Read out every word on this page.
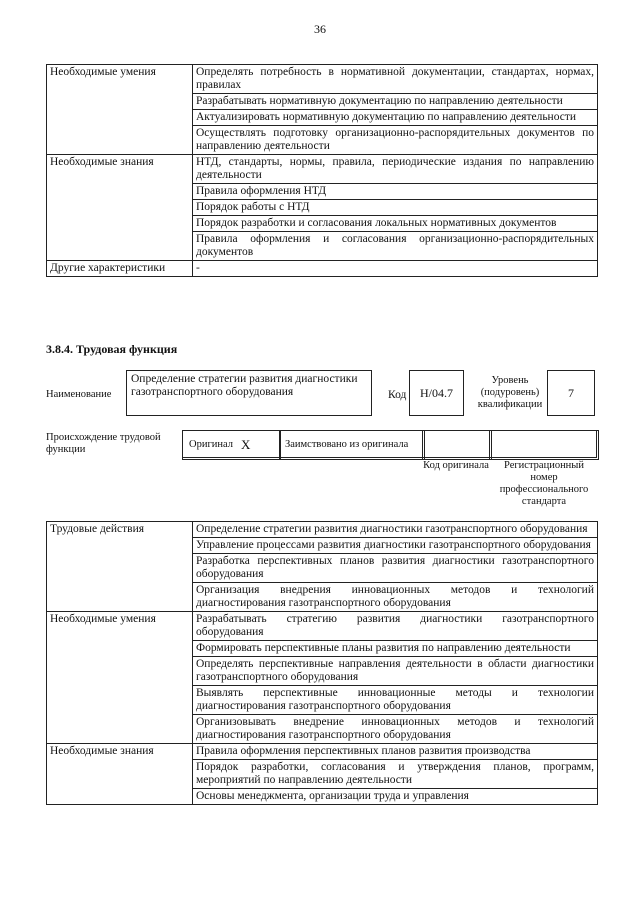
36
Необходимые умения	Определять потребность в нормативной документации, стандартах, нормах, правилах
	Разрабатывать нормативную документацию по направлению деятельности
	Актуализировать нормативную документацию по направлению деятельности
	Осуществлять подготовку организационно-распорядительных документов по направлению деятельности
Необходимые знания	НТД, стандарты, нормы, правила, периодические издания по направлению деятельности
	Правила оформления НТД
	Порядок работы с НТД
	Порядок разработки и согласования локальных нормативных документов
	Правила оформления и согласования организационно-распорядительных документов
Другие характеристики	-
3.8.4. Трудовая функция
Наименование
Определение стратегии развития диагностики газотранспортного оборудования	Код Н/04.7
Уровень (подуровень) квалификации
7
Происхождение трудовой функции	Оригинал X	Заимствовано из оригинала
Код оригинала	Регистрационный номер профессионального стандарта
Трудовые действия	Определение стратегии развития диагностики газотранспортного оборудования
	Управление процессами развития диагностики газотранспортного оборудования
	Разработка перспективных планов развития диагностики газотранспортного оборудования
	Организация внедрения инновационных методов и технологий диагностирования газотранспортного оборудования
Необходимые умения	Разрабатывать стратегию развития диагностики газотранспортного оборудования
	Формировать перспективные планы развития по направлению деятельности
	Определять перспективные направления деятельности в области диагностики газотранспортного оборудования
	Выявлять перспективные инновационные методы и технологии диагностирования газотранспортного оборудования
	Организовывать внедрение инновационных методов и технологий диагностирования газотранспортного оборудования
Необходимые знания	Правила оформления перспективных планов развития производства
	Порядок разработки, согласования и утверждения планов, программ, мероприятий по направлению деятельности
	Основы менеджмента, организации труда и управления
